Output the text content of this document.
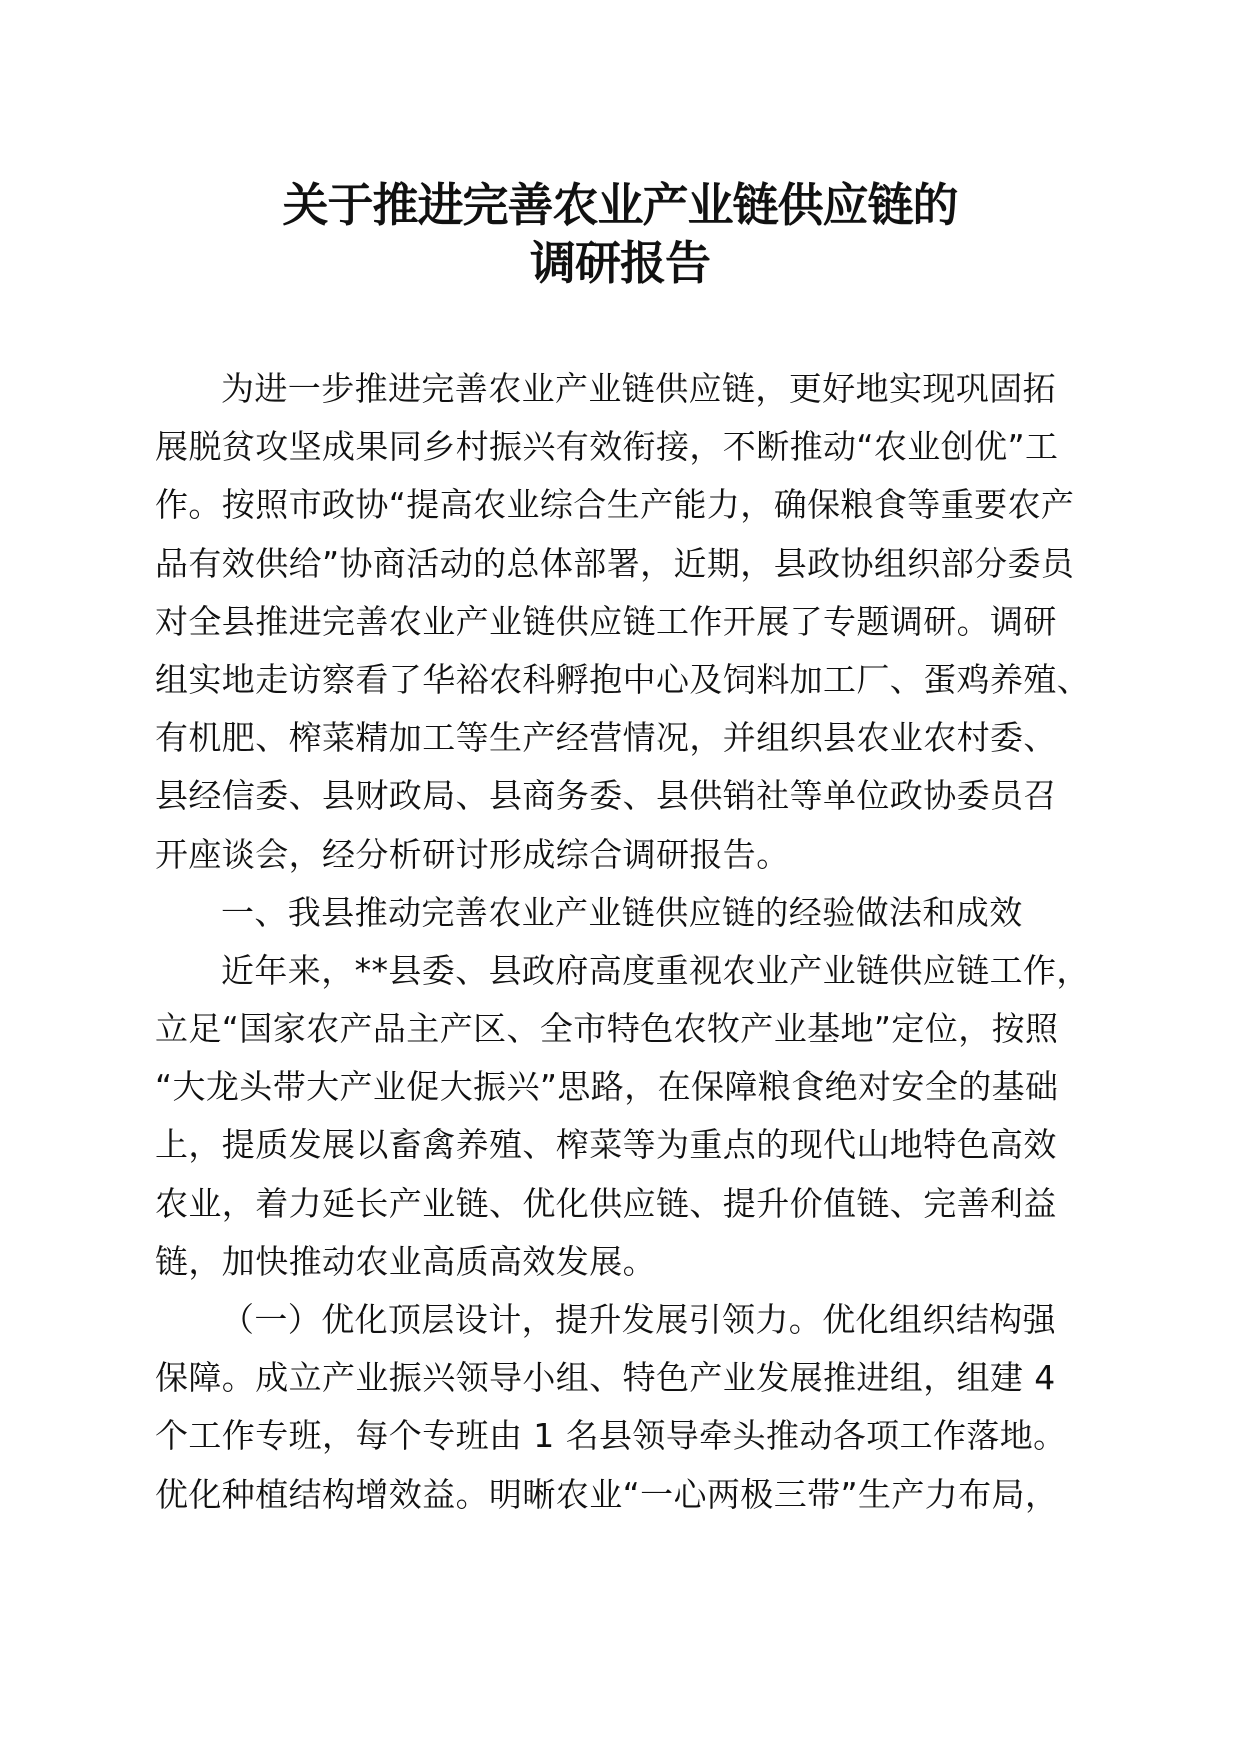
关于推进完善农业产业链供应链的
调研报告
为进一步推进完善农业产业链供应链，更好地实现巩固拓
展脱贫攻坚成果同乡村振兴有效衔接，不断推动“农业创优”工
作。按照市政协“提高农业综合生产能力，确保粮食等重要农产
品有效供给”协商活动的总体部署，近期，县政协组织部分委员
对全县推进完善农业产业链供应链工作开展了专题调研。调研
组实地走访察看了华裕农科孵抱中心及饲料加工厂、蛋鸡养殖、
有机肥、榨菜精加工等生产经营情况，并组织县农业农村委、
县经信委、县财政局、县商务委、县供销社等单位政协委员召
开座谈会，经分析研讨形成综合调研报告。
一、我县推动完善农业产业链供应链的经验做法和成效
近年来，**县委、县政府高度重视农业产业链供应链工作，
立足“国家农产品主产区、全市特色农牧产业基地”定位，按照
“大龙头带大产业促大振兴”思路，在保障粮食绝对安全的基础
上，提质发展以畜禽养殖、榨菜等为重点的现代山地特色高效
农业，着力延长产业链、优化供应链、提升价值链、完善利益
链，加快推动农业高质高效发展。
（一）优化顶层设计，提升发展引领力。优化组织结构强
保障。成立产业振兴领导小组、特色产业发展推进组，组建 4
个工作专班，每个专班由 1 名县领导牵头推动各项工作落地。
优化种植结构增效益。明晰农业“一心两极三带”生产力布局，
